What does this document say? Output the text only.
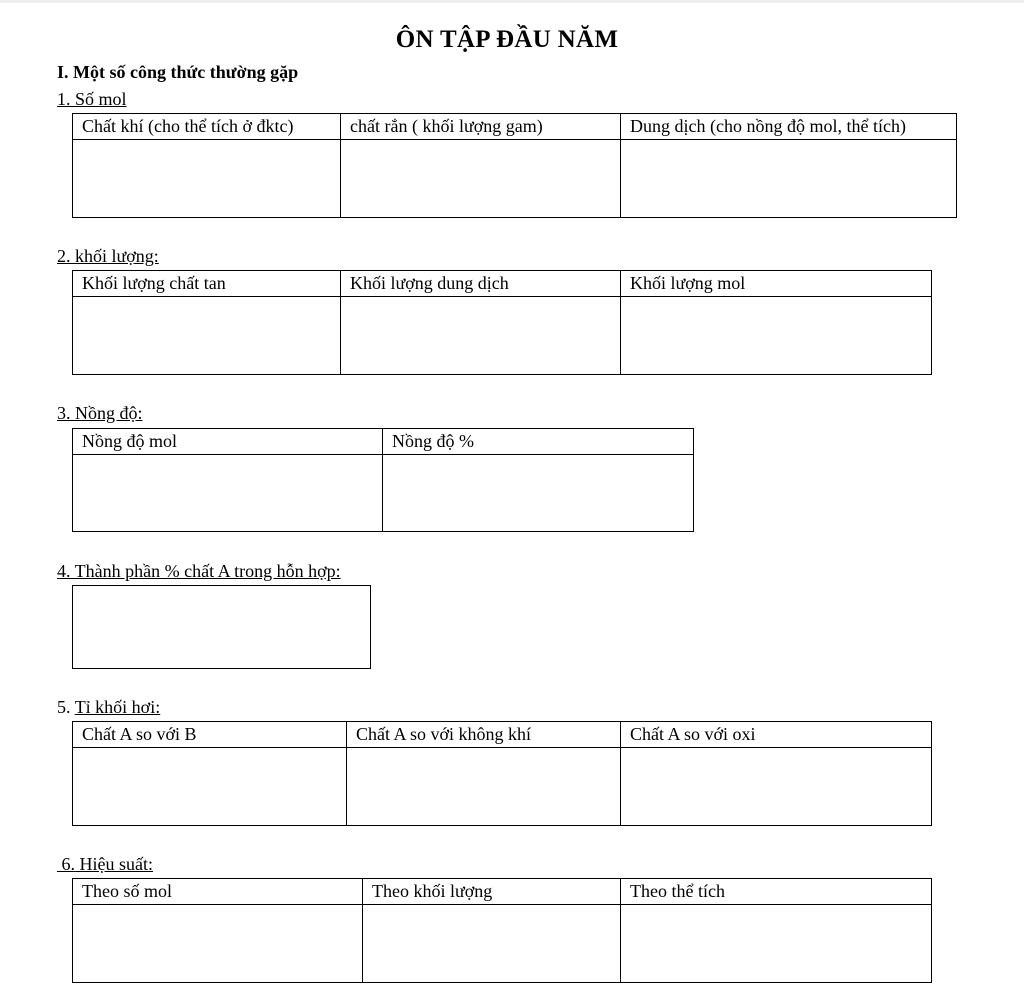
ÔN TẬP ĐẦU NĂM
I. Một số công thức thường gặp
1. Số mol
Chất khí (cho thể tích ở đktc)	chất rắn ( khối lượng gam)	Dung dịch (cho nồng độ mol, thể tích)

2. khối lượng:
Khối lượng chất tan	Khối lượng dung dịch	Khối lượng mol

3. Nồng độ:
Nồng độ mol	Nồng độ %

4. Thành phần % chất A trong hỗn hợp:
5. Tỉ khối hơi:
Chất A so với B	Chất A so với không khí	Chất A so với oxi

6. Hiệu suất:
Theo số mol	Theo khối lượng	Theo thể tích
